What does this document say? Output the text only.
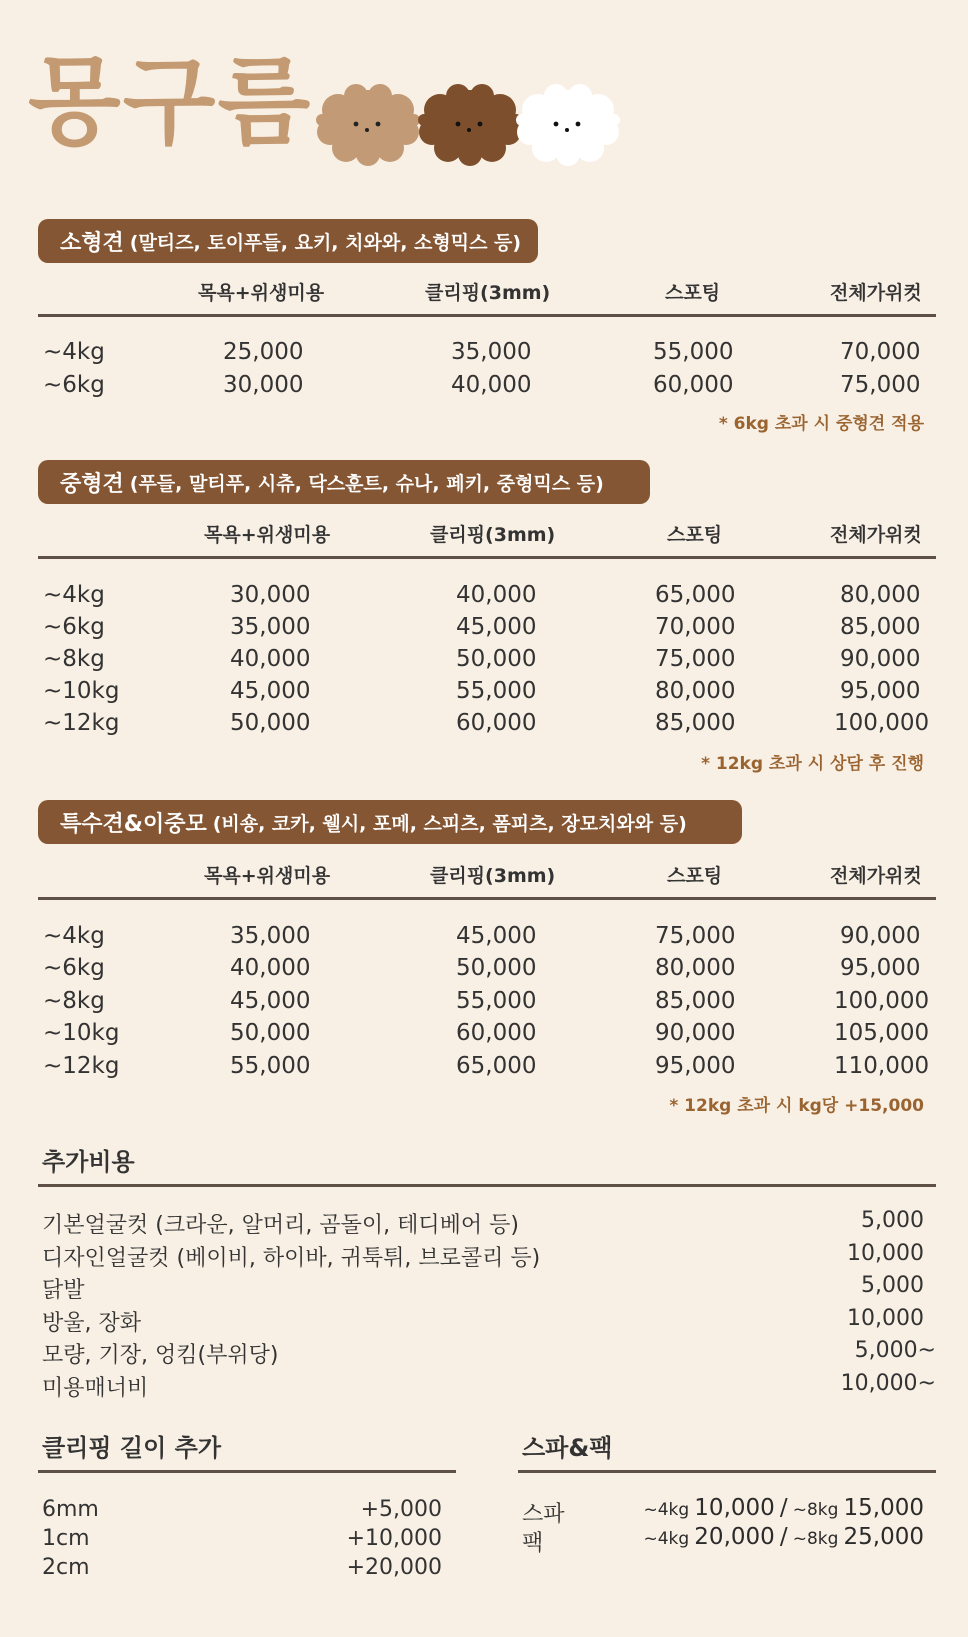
몽구름
소형견 (말티즈, 토이푸들, 요키, 치와와, 소형믹스 등)
목욕+위생미용	클리핑(3mm)	스포팅	전체가위컷
~4kg	25,000	35,000	55,000	70,000
~6kg	30,000	40,000	60,000	75,000
* 6kg 초과 시 중형견 적용
중형견 (푸들, 말티푸, 시츄, 닥스훈트, 슈나, 페키, 중형믹스 등)
목욕+위생미용	클리핑(3mm)	스포팅	전체가위컷
~4kg	30,000	40,000	65,000	80,000
~6kg	35,000	45,000	70,000	85,000
~8kg	40,000	50,000	75,000	90,000
~10kg	45,000	55,000	80,000	95,000
~12kg	50,000	60,000	85,000	100,000
* 12kg 초과 시 상담 후 진행
특수견&이중모 (비숑, 코카, 웰시, 포메, 스피츠, 폼피츠, 장모치와와 등)
목욕+위생미용	클리핑(3mm)	스포팅	전체가위컷
~4kg	35,000	45,000	75,000	90,000
~6kg	40,000	50,000	80,000	95,000
~8kg	45,000	55,000	85,000	100,000
~10kg	50,000	60,000	90,000	105,000
~12kg	55,000	65,000	95,000	110,000
* 12kg 초과 시 kg당 +15,000
추가비용
기본얼굴컷 (크라운, 알머리, 곰돌이, 테디베어 등)	5,000
디자인얼굴컷 (베이비, 하이바, 귀툭튀, 브로콜리 등)	10,000
닭발	5,000
방울, 장화	10,000
모량, 기장, 엉킴(부위당)	5,000~
미용매너비	10,000~
클리핑 길이 추가
6mm	+5,000
1cm	+10,000
2cm	+20,000
스파&팩
스파	~4kg 10,000 / ~8kg 15,000
팩	~4kg 20,000 / ~8kg 25,000
